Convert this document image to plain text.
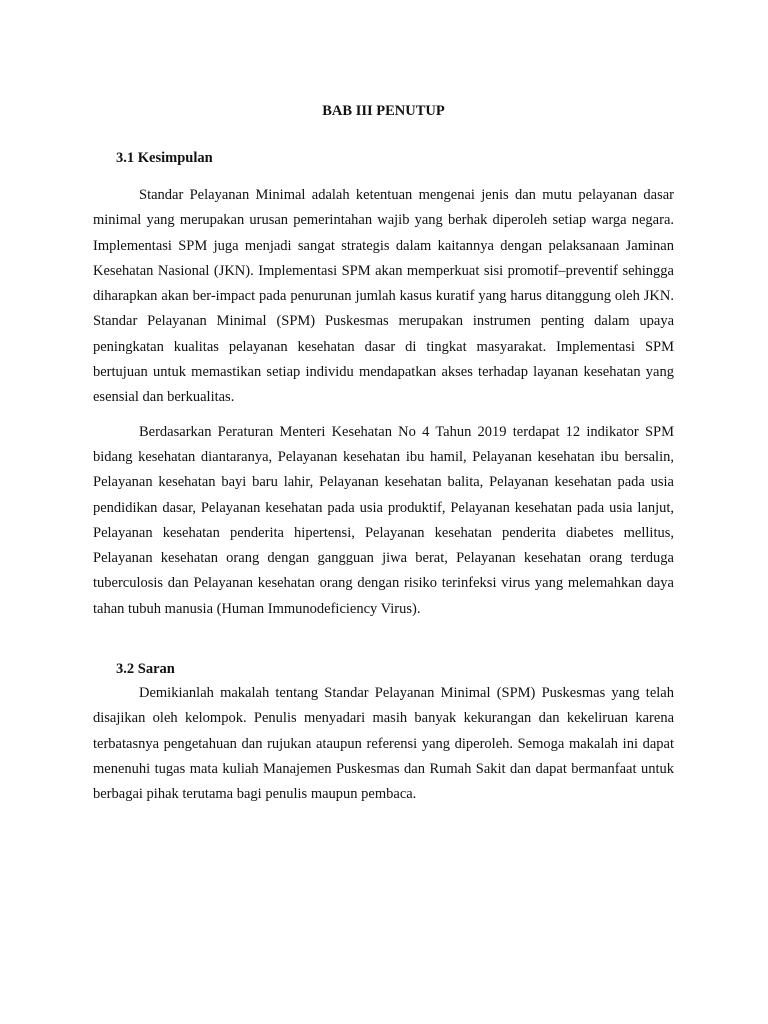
BAB III PENUTUP
3.1 Kesimpulan

Standar Pelayanan Minimal adalah ketentuan mengenai jenis dan mutu pelayanan dasar minimal yang merupakan urusan pemerintahan wajib yang berhak diperoleh setiap warga negara. Implementasi SPM juga menjadi sangat strategis dalam kaitannya dengan pelaksanaan Jaminan Kesehatan Nasional (JKN). Implementasi SPM akan memperkuat sisi promotif–preventif sehingga diharapkan akan ber-impact pada penurunan jumlah kasus kuratif yang harus ditanggung oleh JKN. Standar Pelayanan Minimal (SPM) Puskesmas merupakan instrumen penting dalam upaya peningkatan kualitas pelayanan kesehatan dasar di tingkat masyarakat. Implementasi SPM bertujuan untuk memastikan setiap individu mendapatkan akses terhadap layanan kesehatan yang esensial dan berkualitas.

Berdasarkan Peraturan Menteri Kesehatan No 4 Tahun 2019 terdapat 12 indikator SPM bidang kesehatan diantaranya, Pelayanan kesehatan ibu hamil, Pelayanan kesehatan ibu bersalin, Pelayanan kesehatan bayi baru lahir, Pelayanan kesehatan balita, Pelayanan kesehatan pada usia pendidikan dasar, Pelayanan kesehatan pada usia produktif, Pelayanan kesehatan pada usia lanjut, Pelayanan kesehatan penderita hipertensi, Pelayanan kesehatan penderita diabetes mellitus, Pelayanan kesehatan orang dengan gangguan jiwa berat, Pelayanan kesehatan orang terduga tuberculosis dan Pelayanan kesehatan orang dengan risiko terinfeksi virus yang melemahkan daya tahan tubuh manusia (Human Immunodeficiency Virus).

3.2 Saran

Demikianlah makalah tentang Standar Pelayanan Minimal (SPM) Puskesmas yang telah disajikan oleh kelompok. Penulis menyadari masih banyak kekurangan dan kekeliruan karena terbatasnya pengetahuan dan rujukan ataupun referensi yang diperoleh. Semoga makalah ini dapat menenuhi tugas mata kuliah Manajemen Puskesmas dan Rumah Sakit dan dapat bermanfaat untuk berbagai pihak terutama bagi penulis maupun pembaca.
